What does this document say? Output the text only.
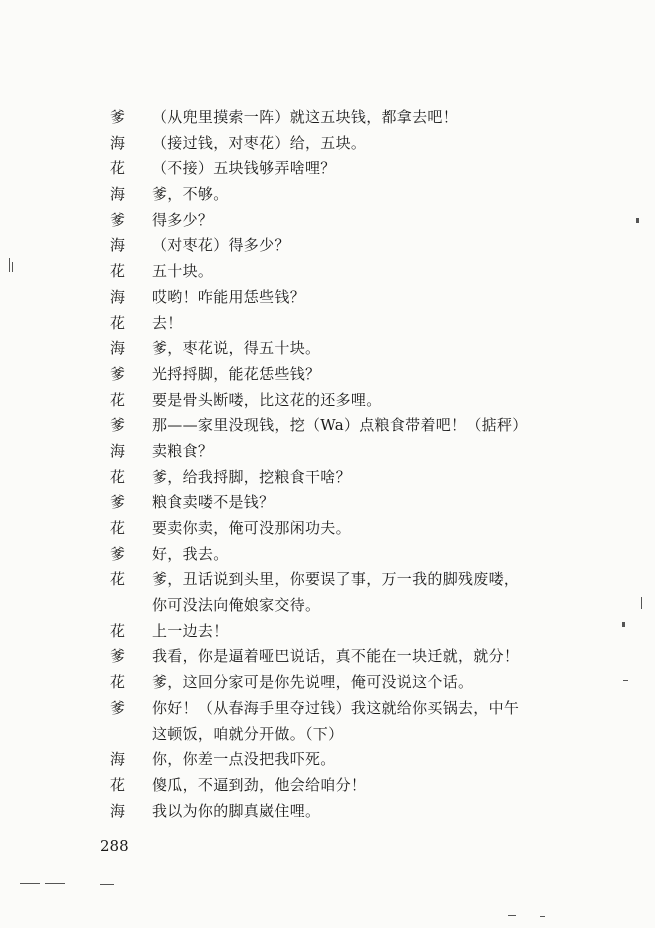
爹 （从兜里摸索一阵）就这五块钱，都拿去吧！
海 （接过钱，对枣花）给，五块。
花 （不接）五块钱够弄啥哩？
海 爹，不够。
爹 得多少？
海 （对枣花）得多少？
花 五十块。
海 哎哟！咋能用恁些钱？
花 去！
海 爹，枣花说，得五十块。
爹 光捋捋脚，能花恁些钱？
花 要是骨头断喽，比这花的还多哩。
爹 那——家里没现钱，挖（Wa）点粮食带着吧！（掂秤）
海 卖粮食？
花 爹，给我捋脚，挖粮食干啥？
爹 粮食卖喽不是钱？
花 要卖你卖，俺可没那闲功夫。
爹 好，我去。
花 爹，丑话说到头里，你要误了事，万一我的脚残废喽，
你可没法向俺娘家交待。
花 上一边去！
爹 我看，你是逼着哑巴说话，真不能在一块迁就，就分！
花 爹，这回分家可是你先说哩，俺可没说这个话。
爹 你好！（从春海手里夺过钱）我这就给你买锅去，中午
这顿饭，咱就分开做。（下）
海 你，你差一点没把我吓死。
花 傻瓜，不逼到劲，他会给咱分！
海 我以为你的脚真崴住哩。
288
